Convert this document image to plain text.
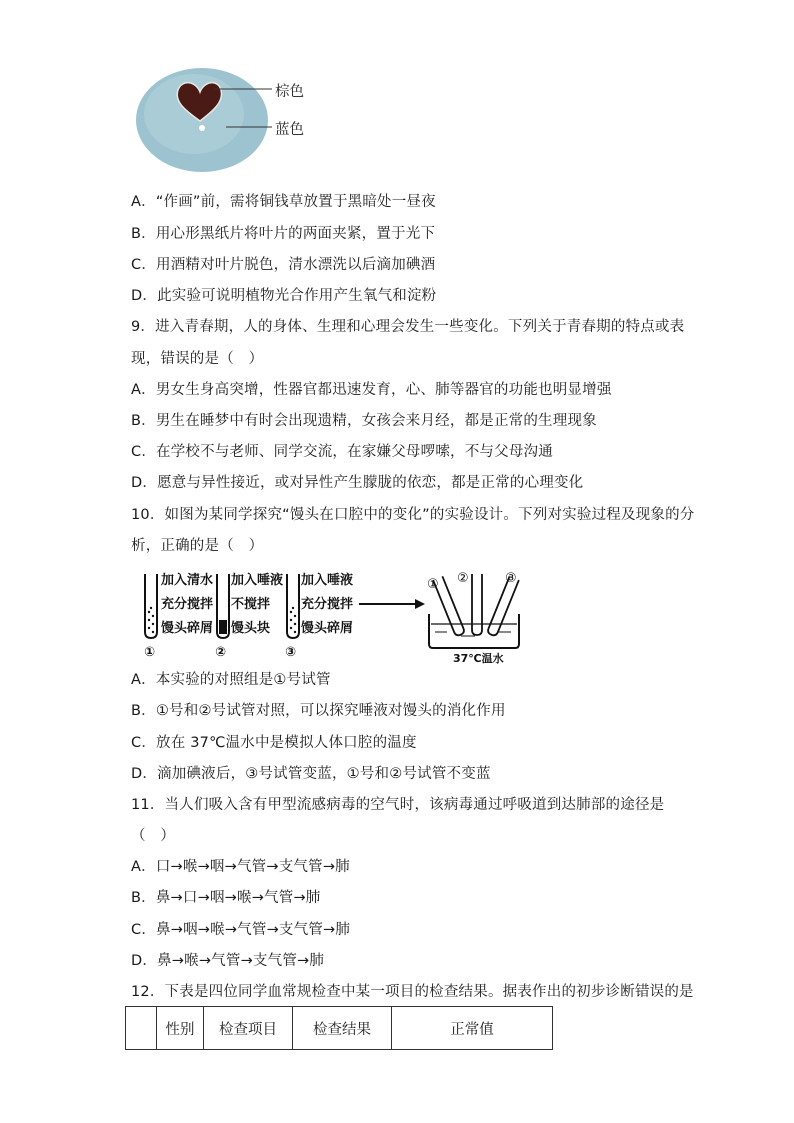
棕色
蓝色
A．“作画”前，需将铜钱草放置于黑暗处一昼夜
B．用心形黑纸片将叶片的两面夹紧，置于光下
C．用酒精对叶片脱色，清水漂洗以后滴加碘酒
D．此实验可说明植物光合作用产生氧气和淀粉
9．进入青春期，人的身体、生理和心理会发生一些变化。下列关于青春期的特点或表
现，错误的是（　）
A．男女生身高突增，性器官都迅速发育，心、肺等器官的功能也明显增强
B．男生在睡梦中有时会出现遗精，女孩会来月经，都是正常的生理现象
C．在学校不与老师、同学交流，在家嫌父母啰嗦，不与父母沟通
D．愿意与异性接近，或对异性产生朦胧的依恋，都是正常的心理变化
10．如图为某同学探究“馒头在口腔中的变化”的实验设计。下列对实验过程及现象的分
析，正确的是（　）
加入清水
充分搅拌
馒头碎屑
①
加入唾液
不搅拌
馒头块
②
加入唾液
充分搅拌
馒头碎屑
③
① ②	③
37℃温水
A．本实验的对照组是①号试管
B．①号和②号试管对照，可以探究唾液对馒头的消化作用
C．放在 37℃温水中是模拟人体口腔的温度
D．滴加碘液后，③号试管变蓝，①号和②号试管不变蓝
11．当人们吸入含有甲型流感病毒的空气时，该病毒通过呼吸道到达肺部的途径是
（　）
A．口→喉→咽→气管→支气管→肺
B．鼻→口→咽→喉→气管→肺
C．鼻→咽→喉→气管→支气管→肺
D．鼻→喉→气管→支气管→肺
12．下表是四位同学血常规检查中某一项目的检查结果。据表作出的初步诊断错误的是
	性别	检查项目	检查结果	正常值
